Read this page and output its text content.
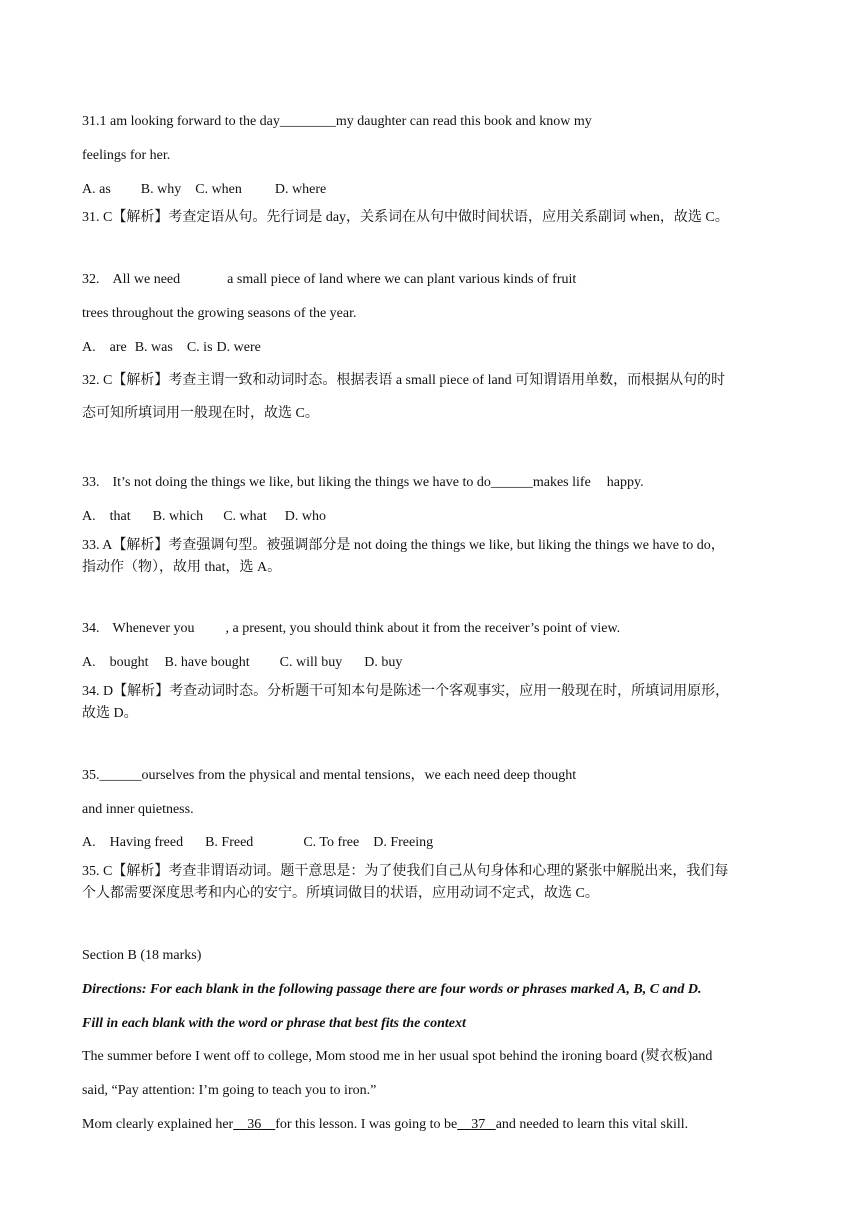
31.1 am looking forward to the day________my daughter can read this book and know my

feelings for her.

A. as B. why C. when D. where

31. C【解析】考查定语从句。先行词是 day，关系词在从句中做时间状语，应用关系副词 when，故选 C。

32. All we need	a small piece of land where we can plant various kinds of fruit

trees throughout the growing seasons of the year.

A. are B. was C. is D. were

32. C【解析】考查主谓一致和动词时态。根据表语 a small piece of land 可知谓语用单数，而根据从句的时

态可知所填词用一般现在时，故选 C。

33. It’s not doing the things we like, but liking the things we have to do______makes life happy.

A. that B. which C. what D. who

33. A【解析】考查强调句型。被强调部分是 not doing the things we like, but liking the things we have to do，

指动作（物），故用 that，选 A。

34. Whenever you , a present, you should think about it from the receiver’s point of view.

A. bought B. have bought C. will buy D. buy

34. D【解析】考查动词时态。分析题干可知本句是陈述一个客观事实，应用一般现在时，所填词用原形，

故选 D。

35.______ourselves from the physical and mental tensions，we each need deep thought

and inner quietness.

A. Having freed B. Freed	C. To free D. Freeing

35. C【解析】考查非谓语动词。题干意思是：为了使我们自己从句身体和心理的紧张中解脱出来，我们每

个人都需要深度思考和内心的安宁。所填词做目的状语，应用动词不定式，故选 C。

Section B (18 marks)

Directions: For each blank in the following passage there are four words or phrases marked A, B, C and D.

Fill in each blank with the word or phrase that best fits the context

The summer before I went off to college, Mom stood me in her usual spot behind the ironing board (熨衣板)and

said, “Pay attention: I’m going to teach you to iron.”

Mom clearly explained her 36 for this lesson. I was going to be 37 and needed to learn this vital skill.
